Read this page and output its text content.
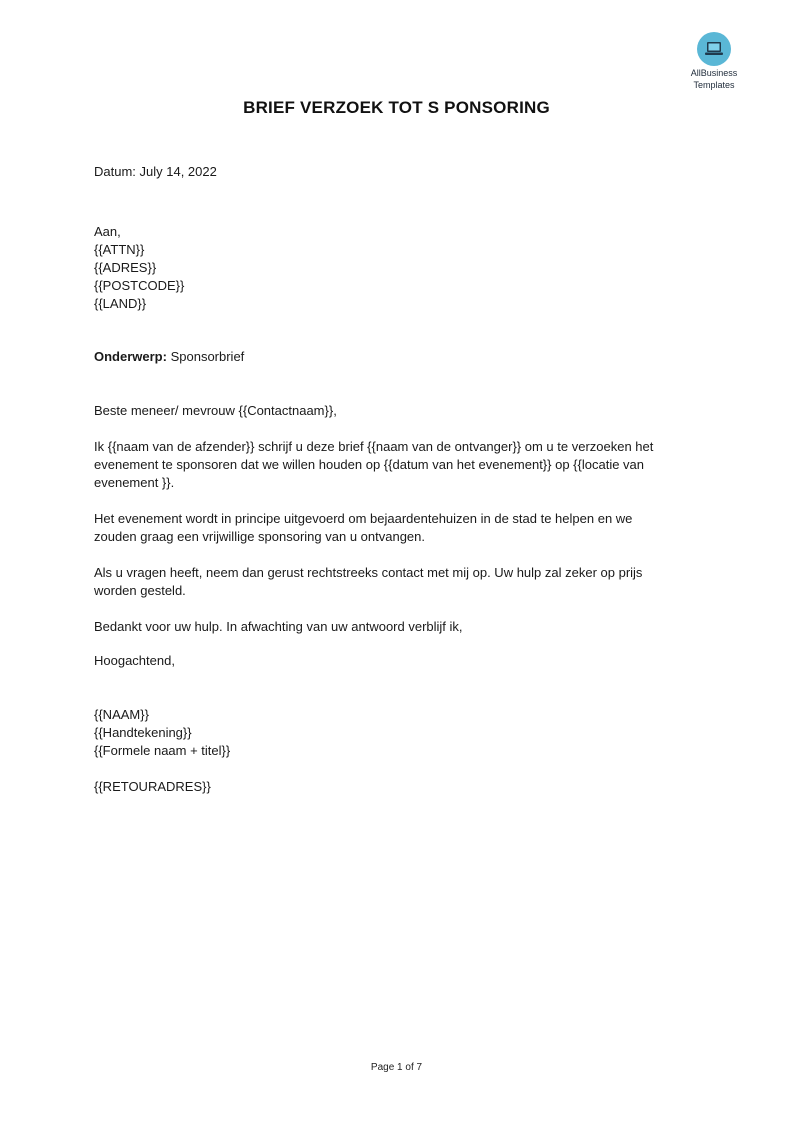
AllBusiness
Templates
BRIEF VERZOEK TOT S PONSORING
Datum: July 14, 2022
Aan,
{{ATTN}}
{{ADRES}}
{{POSTCODE}}
{{LAND}}
Onderwerp: Sponsorbrief
Beste meneer/ mevrouw {{Contactnaam}},
Ik {{naam van de afzender}} schrijf u deze brief {{naam van de ontvanger}} om u te verzoeken het
evenement te sponsoren dat we willen houden op {{datum van het evenement}} op {{locatie van
evenement }}.
Het evenement wordt in principe uitgevoerd om bejaardentehuizen in de stad te helpen en we
zouden graag een vrijwillige sponsoring van u ontvangen.
Als u vragen heeft, neem dan gerust rechtstreeks contact met mij op. Uw hulp zal zeker op prijs
worden gesteld.
Bedankt voor uw hulp. In afwachting van uw antwoord verblijf ik,
Hoogachtend,
{{NAAM}}
{{Handtekening}}
{{Formele naam + titel}}
{{RETOURADRES}}
Page 1 of 7
